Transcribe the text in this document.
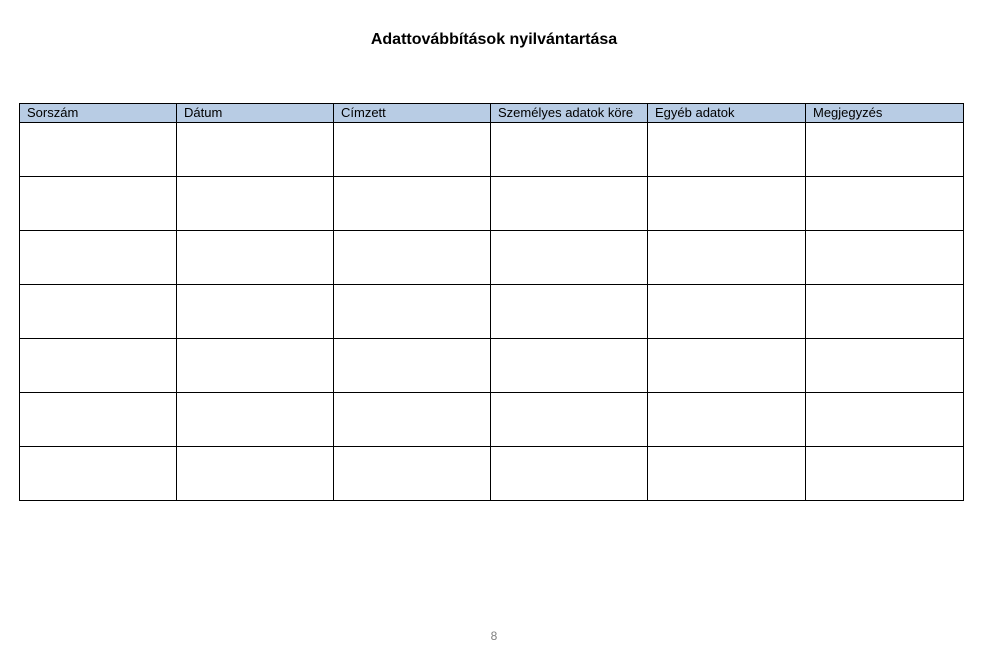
Adattovábbítások nyilvántartása
Sorszám	Dátum	Címzett	Személyes adatok köre	Egyéb adatok	Megjegyzés

8
